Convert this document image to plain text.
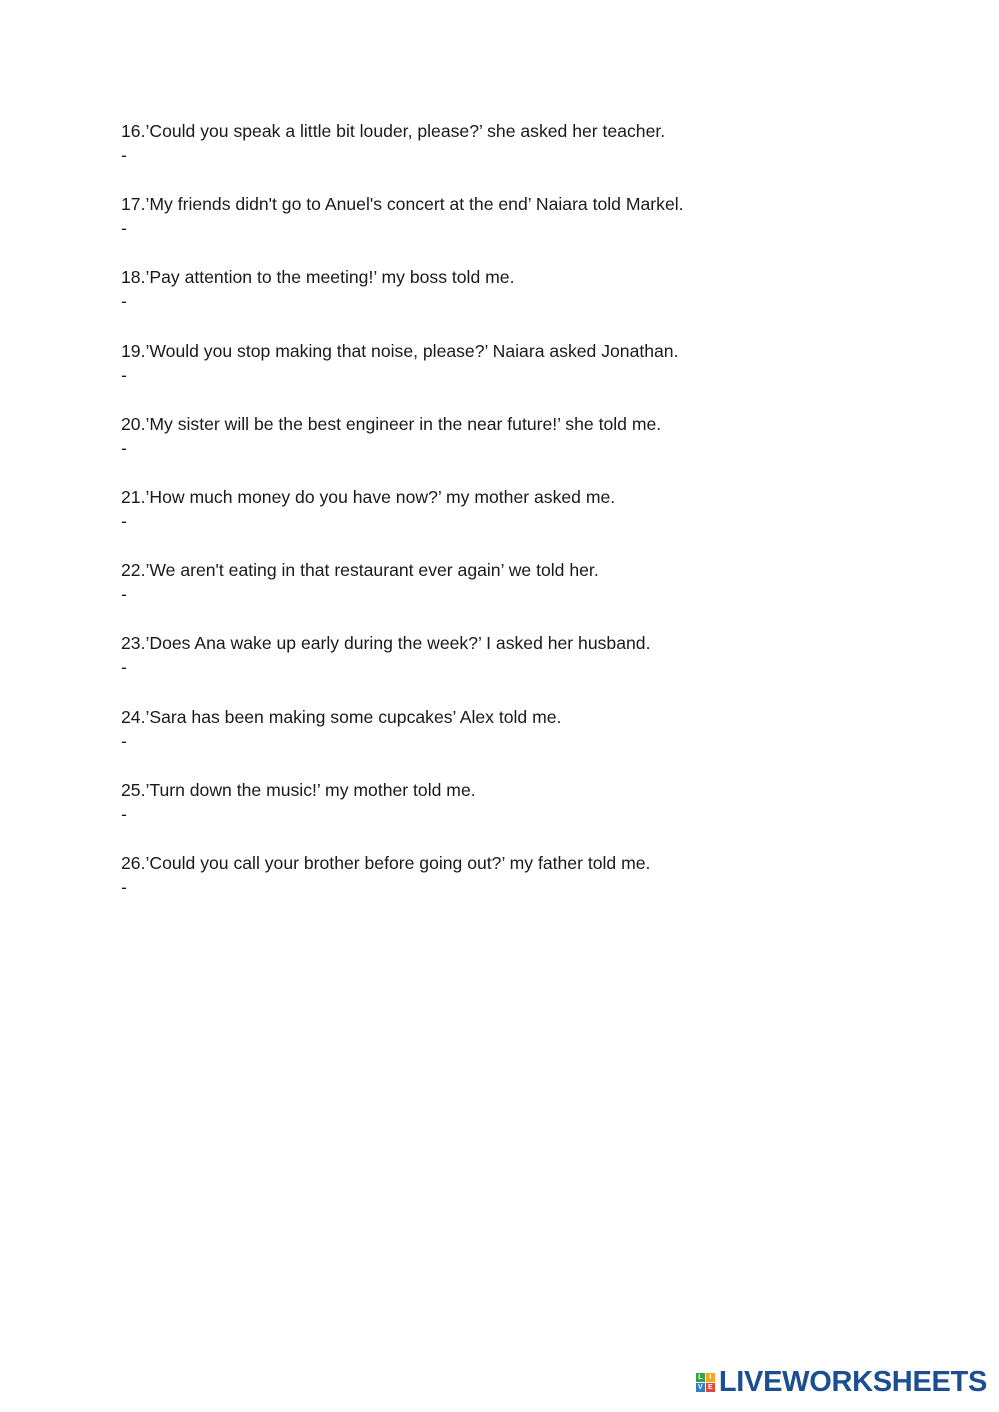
16.’Could you speak a little bit louder, please?’ she asked her teacher.
-
17.’My friends didn't go to Anuel's concert at the end’ Naiara told Markel.
-
18.’Pay attention to the meeting!’ my boss told me.
-
19.’Would you stop making that noise, please?’ Naiara asked Jonathan.
-
20.’My sister will be the best engineer in the near future!’ she told me.
-
21.’How much money do you have now?’ my mother asked me.
-
22.’We aren't eating in that restaurant ever again’ we told her.
-
23.’Does Ana wake up early during the week?’ I asked her husband.
-
24.’Sara has been making some cupcakes’ Alex told me.
-
25.’Turn down the music!’ my mother told me.
-
26.’Could you call your brother before going out?’ my father told me.
-
L I
V E LIVEWORKSHEETS
